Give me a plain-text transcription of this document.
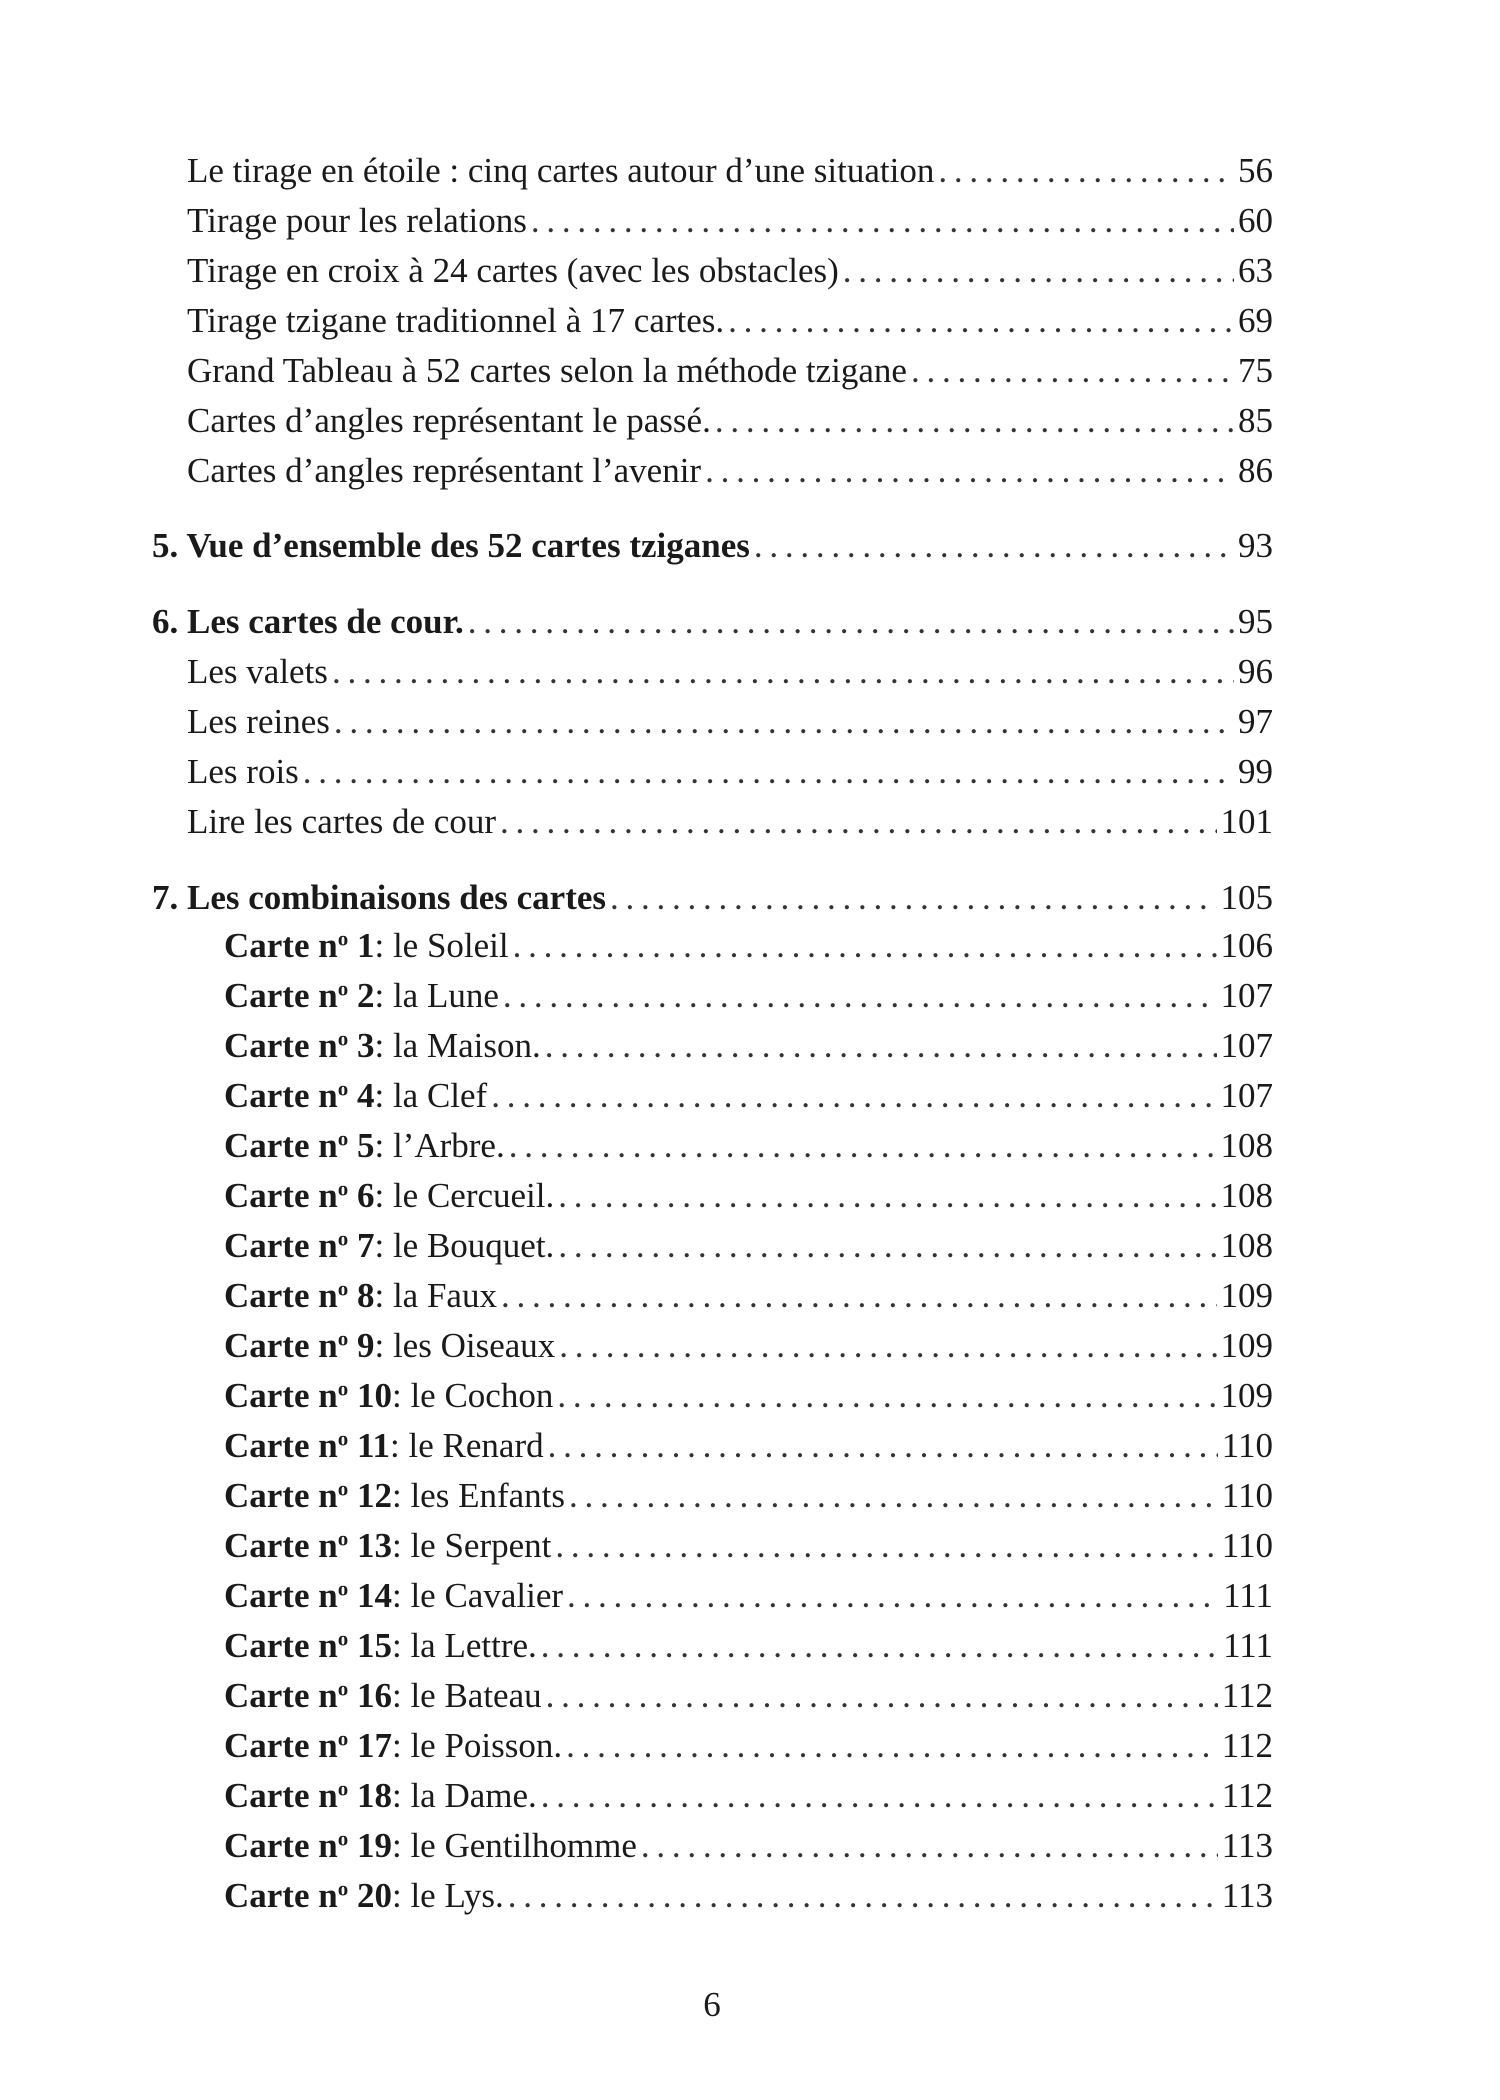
Le tirage en étoile : cinq cartes autour d’une situation . . .	56
Tirage pour les relations . . .	60
Tirage en croix à 24 cartes (avec les obstacles) . . .	63
Tirage tzigane traditionnel à 17 cartes. . . .	69
Grand Tableau à 52 cartes selon la méthode tzigane . . .	75
Cartes d’angles représentant le passé. . . .	85
Cartes d’angles représentant l’avenir . . .	86
5. Vue d’ensemble des 52 cartes tziganes . . .	93
6. Les cartes de cour. . . .	95
Les valets . . .	96
Les reines . . .	97
Les rois . . .	99
Lire les cartes de cour . . .	101
7. Les combinaisons des cartes . . .	105
Carte $n^o$ 1: le Soleil . . .	106
Carte $n^o$ 2: la Lune . . .	107
Carte $n^o$ 3: la Maison. . . .	107
Carte $n^o$ 4: la Clef . . .	107
Carte $n^o$ 5: l’Arbre. . . .	108
Carte $n^o$ 6: le Cercueil. . . .	108
Carte $n^o$ 7: le Bouquet. . . .	108
Carte $n^o$ 8: la Faux . . .	109
Carte $n^o$ 9: les Oiseaux . . .	109
Carte $n^o$ 10: le Cochon . . .	109
Carte $n^o$ 11: le Renard . . .	110
Carte $n^o$ 12: les Enfants . . .	110
Carte $n^o$ 13: le Serpent . . .	110
Carte $n^o$ 14: le Cavalier . . .	111
Carte $n^o$ 15: la Lettre. . . .	111
Carte $n^o$ 16: le Bateau . . .	112
Carte $n^o$ 17: le Poisson. . . .	112
Carte $n^o$ 18: la Dame. . . .	112
Carte $n^o$ 19: le Gentilhomme . . .	113
Carte $n^o$ 20: le Lys. . . .	113
6
